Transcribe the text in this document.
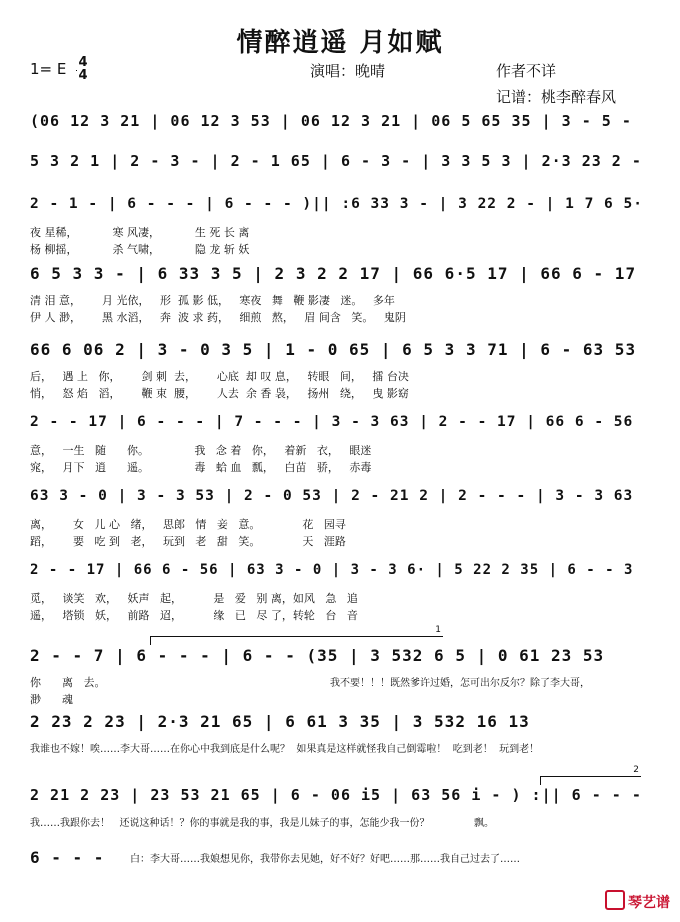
情醉逍遥 月如赋
1= E 4
4	演唱：晚晴	作者不详
记谱：桃李醉春风
(06 12 3 21 | 06 12 3 53 | 06 12 3 21 | 06 5 65 35 | 3 - 5 -
5 3 2 1 | 2 - 3 - | 2 - 1 65 | 6 - 3 - | 3 3 5 3 | 2·3 23 2 -
2 - 1 - | 6 - - - | 6 - - - )|| :6 33 3 - | 3 22 2 - | 1 7 6 5·
夜 星稀，          寒 风凄，          生 死 长 离
杨 柳摇，          杀 气啸，          隐 龙 斩 妖
6 5 3 3 - | 6 33 3 5 | 2 3 2 2 17 | 66 6·5 17 | 66 6 - 17
清 泪 意，      月 光依，   形  孤 影 低，   寒夜   舞   鞭 影凄   迷。   多年
伊 人 渺，      黑 水滔，   奔  波 求 药，   细煎   熬，   眉 间含   笑。   鬼阴
66 6 06 2 | 3 - 0 3 5 | 1 - 0 65 | 6 5 3 3 71 | 6 - 63 53
后，   遇 上   你，      剑 刺  去，      心底  却 叹 息，   转眼   间，   擂 台决
悄，   怒 焰   滔，      鞭 束  腰，      人去  余 香 袅，   扬州   绕，   曳 影窈
2 - - 17 | 6 - - - | 7 - - - | 3 - 3 63 | 2 - - 17 | 66 6 - 56
意，   一生   随      你。             我   念 着   你，   着新   衣，   眼迷
窕，   月下   逍      遥。             毒   蛤 血   瓢，   白苗   骄，   赤毒
63 3 - 0 | 3 - 3 53 | 2 - 0 53 | 2 - 21 2 | 2 - - - | 3 - 3 63
离，      女   儿 心   绪，   思郎   情   妾   意。            花   园寻
蹈，      要   吃 到   老，   玩到   老   甜   笑。            天   涯路
2 - - 17 | 66 6 - 56 | 63 3 - 0 | 3 - 3 6· | 5 22 2 35 | 6 - - 3
觅，   谈笑   欢，   妖声   起，         是   爱   别 离，如风   急   追
遥，   塔锁   妖，   前路   迢，         缘   已   尽 了，转轮   台   音
2 - - 7 | 6 - - - | 6 - - (35 | 3 532 6 5 | 0 61 23 53
你      离   去。
渺      魂
我不要！！！既然爹许过婚，怎可出尔反尔？除了李大哥，
2 23 2 23 | 2·3 21 65 | 6 61 3 35 | 3 532 16 13
我谁也不嫁！唉……李大哥……在你心中我到底是什么呢？  如果真是这样就怪我自己倒霉啦！  吃到老！  玩到老！
2 21 2 23 | 23 53 21 65 | 6 - 06 i5 | 63 56 i - ) :|| 6 - - -
我……我跟你去！   还说这种话！？你的事就是我的事，我是儿妹子的事，怎能少我一份？              飘。
6 - - -	白：李大哥……我娘想见你，我带你去见她，好不好？好吧……那……我自己过去了……
琴艺谱
1
2
